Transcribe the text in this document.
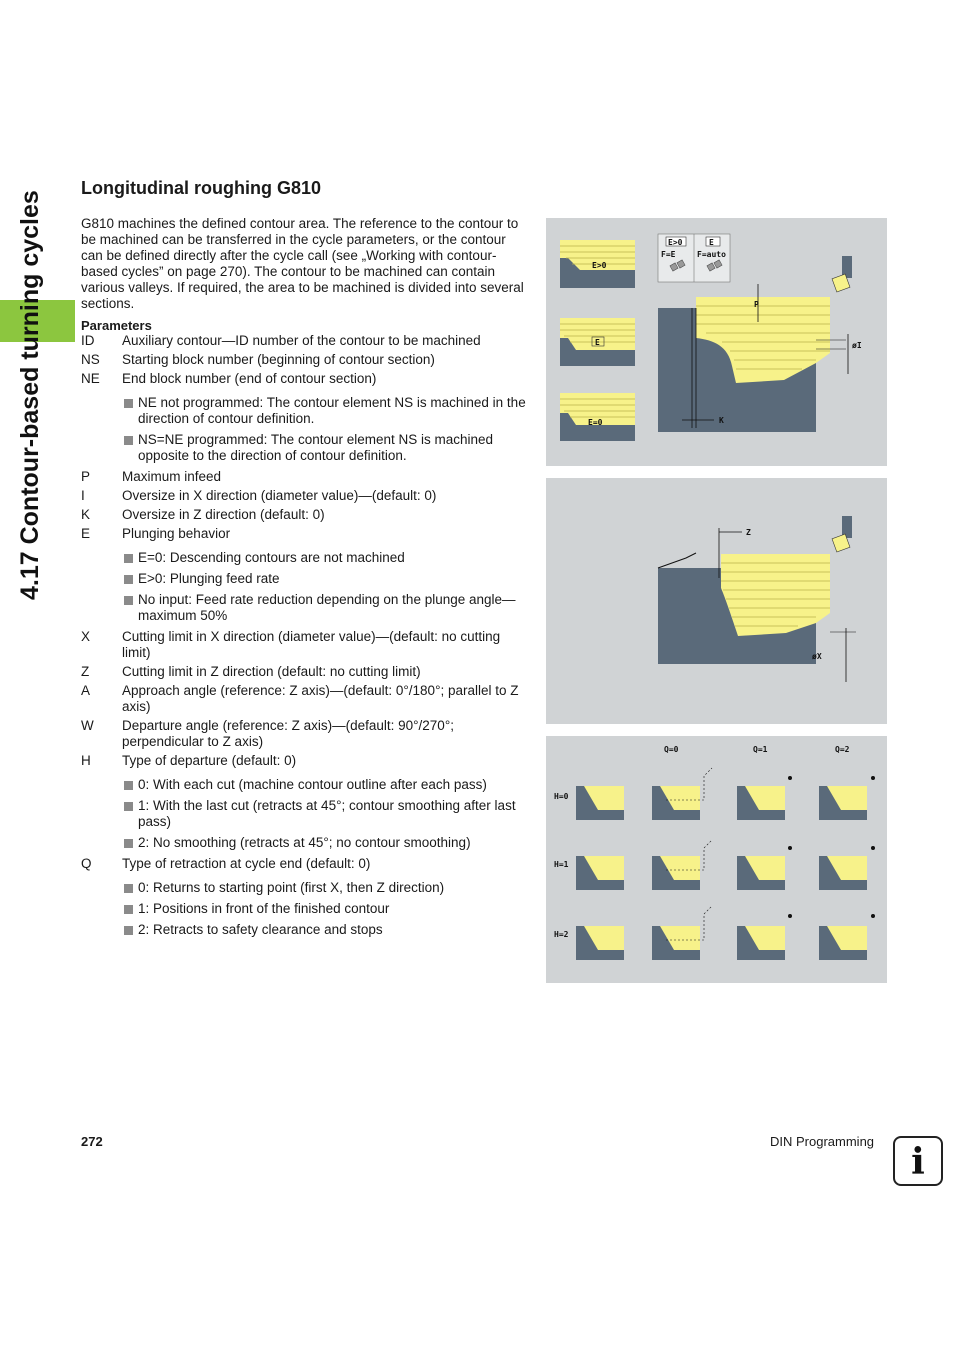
4.17 Contour-based turning cycles
Longitudinal roughing G810

G810 machines the defined contour area. The reference to the contour to be machined can be transferred in the cycle parameters, or the contour can be defined directly after the cycle call (see „Working with contour-based cycles” on page 270). The contour to be machined can contain various valleys. If required, the area to be machined is divided into several sections.

Parameters
ID	Auxiliary contour—ID number of the contour to be machined
NS	Starting block number (beginning of contour section)
NE	End block number (end of contour section)
NE not programmed: The contour element NS is machined in the direction of contour definition.
NS=NE programmed: The contour element NS is machined opposite to the direction of contour definition.
P	Maximum infeed
I	Oversize in X direction (diameter value)—(default: 0)
K	Oversize in Z direction (default: 0)
E	Plunging behavior
E=0: Descending contours are not machined
E>0: Plunging feed rate
No input: Feed rate reduction depending on the plunge angle—maximum 50%
X	Cutting limit in X direction (diameter value)—(default: no cutting limit)
Z	Cutting limit in Z direction (default: no cutting limit)
A	Approach angle (reference: Z axis)—(default: 0°/180°; parallel to Z axis)
W	Departure angle (reference: Z axis)—(default: 90°/270°; perpendicular to Z axis)
H	Type of departure (default: 0)
0: With each cut (machine contour outline after each pass)
1: With the last cut (retracts at 45°; contour smoothing after last pass)
2: No smoothing (retracts at 45°; no contour smoothing)
Q	Type of retraction at cycle end (default: 0)
0: Returns to starting point (first X, then Z direction)
1: Positions in front of the finished contour
2: Retracts to safety clearance and stops
E>0
E
E=0
E>0	E
F=E	F=auto
P
K
øI
Z
øX
Q=0	Q=1	Q=2
H=0
H=1
H=2
272	DIN Programming	i
